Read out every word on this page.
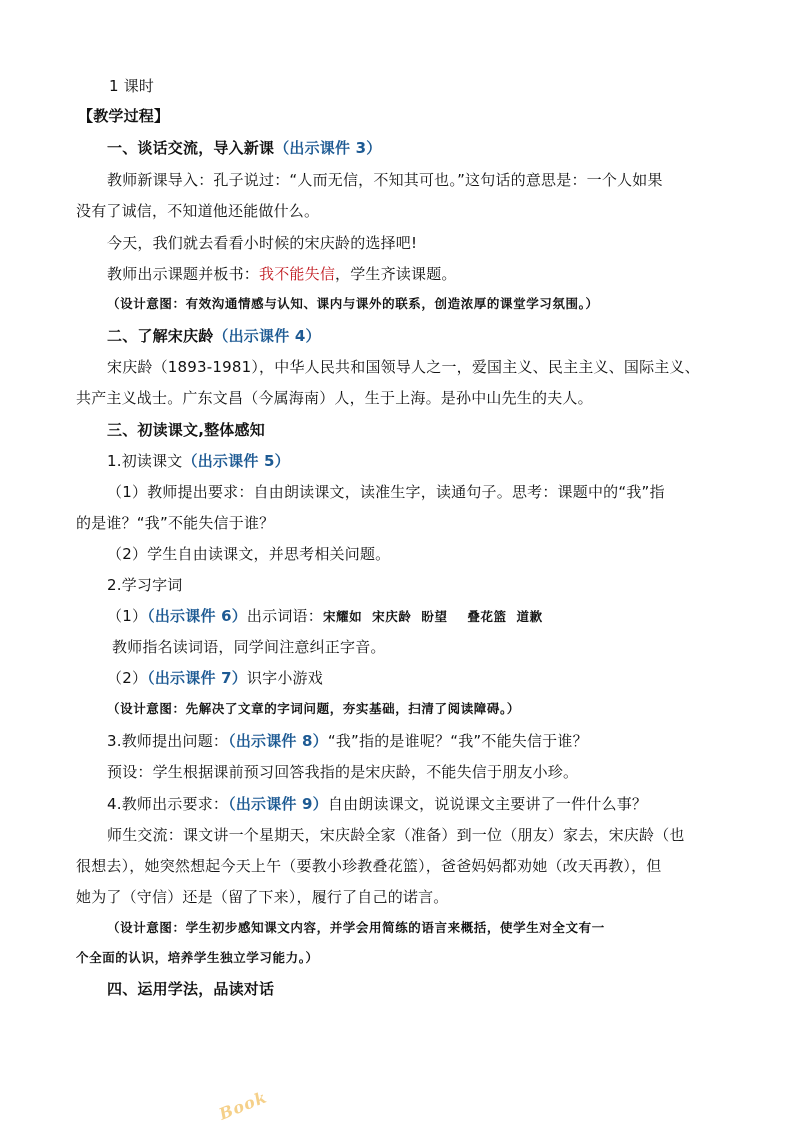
1 课时
【教学过程】
一、谈话交流，导入新课（出示课件 3）
教师新课导入：孔子说过：“人而无信，不知其可也。”这句话的意思是：一个人如果
没有了诚信，不知道他还能做什么。
今天，我们就去看看小时候的宋庆龄的选择吧!
教师出示课题并板书：我不能失信，学生齐读课题。
（设计意图：有效沟通情感与认知、课内与课外的联系，创造浓厚的课堂学习氛围。）
二、了解宋庆龄（出示课件 4）
宋庆龄（1893-1981），中华人民共和国领导人之一，爱国主义、民主主义、国际主义、
共产主义战士。广东文昌（今属海南）人，生于上海。是孙中山先生的夫人。
三、初读课文,整体感知
1.初读课文（出示课件 5）
（1）教师提出要求：自由朗读课文，读准生字，读通句子。思考：课题中的“我”指
的是谁？“我”不能失信于谁？
（2）学生自由读课文，并思考相关问题。
2.学习字词
（1）（出示课件 6）出示词语：宋耀如  宋庆龄  盼望    叠花篮  道歉
教师指名读词语，同学间注意纠正字音。
（2）（出示课件 7）识字小游戏
（设计意图：先解决了文章的字词问题，夯实基础，扫清了阅读障碍。）
3.教师提出问题：（出示课件 8）“我”指的是谁呢？“我”不能失信于谁？
预设：学生根据课前预习回答我指的是宋庆龄，不能失信于朋友小珍。
4.教师出示要求：（出示课件 9）自由朗读课文，说说课文主要讲了一件什么事？
师生交流：课文讲一个星期天，宋庆龄全家（准备）到一位（朋友）家去，宋庆龄（也
很想去），她突然想起今天上午（要教小珍教叠花篮），爸爸妈妈都劝她（改天再教），但
她为了（守信）还是（留了下来），履行了自己的诺言。
（设计意图：学生初步感知课文内容，并学会用简练的语言来概括，使学生对全文有一
个全面的认识，培养学生独立学习能力。）
四、运用学法，品读对话
Book
